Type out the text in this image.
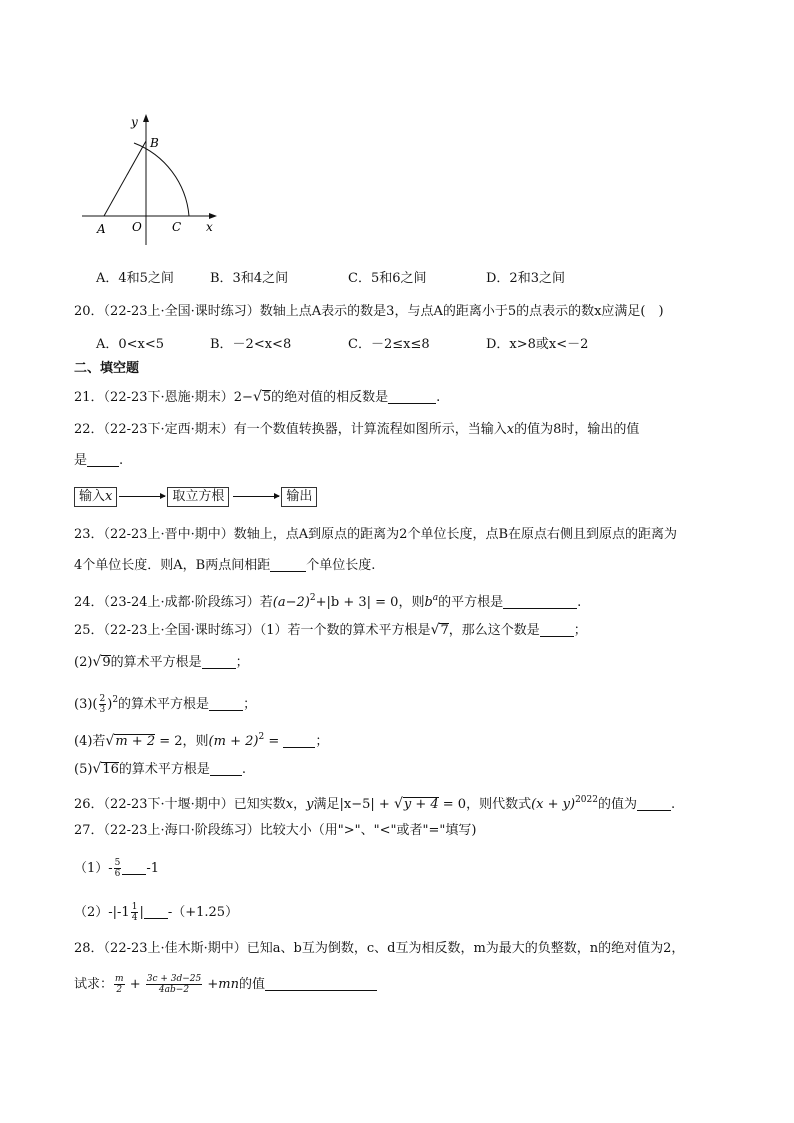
y
B
A O	C x
A．4和5之间	B．3和4之间	C．5和6之间	D．2和3之间
20．（22-23上·全国·课时练习）数轴上点A表示的数是3，与点A的距离小于5的点表示的数x应满足(　)
A．0<x<5	B．－2<x<8	C．－2≤x≤8	D．x>8或x<－2
二、填空题
21．（22-23下·恩施·期末）2−√5的绝对值的相反数是	.
22．（22-23下·定西·期末）有一个数值转换器，计算流程如图所示，当输入x的值为8时，输出的值
是 .
输入x	取立方根	输出
23．（22-23上·晋中·期中）数轴上，点A到原点的距离为2个单位长度，点B在原点右侧且到原点的距离为
4个单位长度．则A，B两点间相距	个单位长度.
24．（23-24上·成都·阶段练习）若$(a-2)^2+|b + 3| = 0$，则$b^a$的平方根是	.
25．（22-23上·全国·课时练习）（1）若一个数的算术平方根是√7，那么这个数是	；
(2)√9的算术平方根是	；
$(3)( \frac{2}{3} )^2$的算术平方根是	；
(4)若√m + 2 = 2，则$(m + 2)^2$ = ；
(5)√16的算术平方根是 .
26．（22-23下·十堰·期中）已知实数x，y满足|x−5| + √y + 4 = 0，则代数式$(x + y)^{2022}$的值为	.
27．（22-23上·海口·阶段练习）比较大小（用">"、"<"或者"="填写)
$(1)- \frac{5}{6} -1$
$(2)-|-1 \frac{1}{4}$ | -（+1.25）
28．（22-23上·佳木斯·期中）已知a、b互为倒数，c、d互为相反数，m为最大的负整数，n的绝对值为2，
试求： $\frac{m}{2} + \frac{3c + 3d-25}{4ab-2} +mn$的值
